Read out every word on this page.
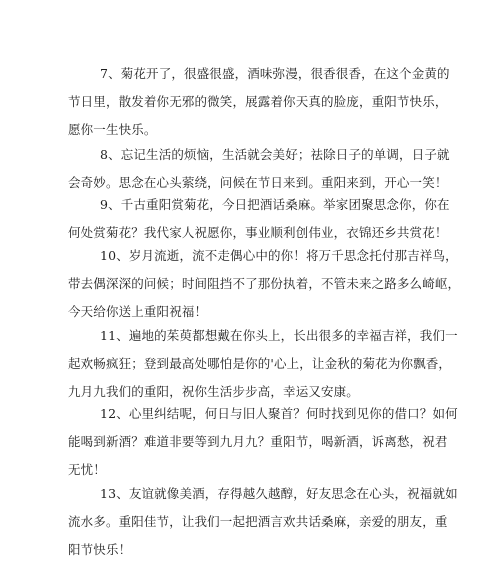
7、菊花开了，很盛很盛，酒味弥漫，很香很香，在这个金黄的
节日里，散发着你无邪的微笑，展露着你天真的脸庞，重阳节快乐，
愿你一生快乐。
8、忘记生活的烦恼，生活就会美好；祛除日子的单调，日子就
会奇妙。思念在心头萦绕，问候在节日来到。重阳来到，开心一笑！
9、千古重阳赏菊花，今日把酒话桑麻。举家团聚思念你，你在
何处赏菊花？我代家人祝愿你，事业顺利创伟业，衣锦还乡共赏花！
10、岁月流逝，流不走偶心中的你！将万千思念托付那吉祥鸟，
带去偶深深的问候；时间阻挡不了那份执着，不管未来之路多么崎岖，
今天给你送上重阳祝福！
11、遍地的茱萸都想戴在你头上，长出很多的幸福吉祥，我们一
起欢畅疯狂；登到最高处哪怕是你的'心上，让金秋的菊花为你飘香，
九月九我们的重阳，祝你生活步步高，幸运又安康。
12、心里纠结呢，何日与旧人聚首？何时找到见你的借口？如何
能喝到新酒？难道非要等到九月九？重阳节，喝新酒，诉离愁，祝君
无忧！
13、友谊就像美酒，存得越久越醇，好友思念在心头，祝福就如
流水多。重阳佳节，让我们一起把酒言欢共话桑麻，亲爱的朋友，重
阳节快乐！
